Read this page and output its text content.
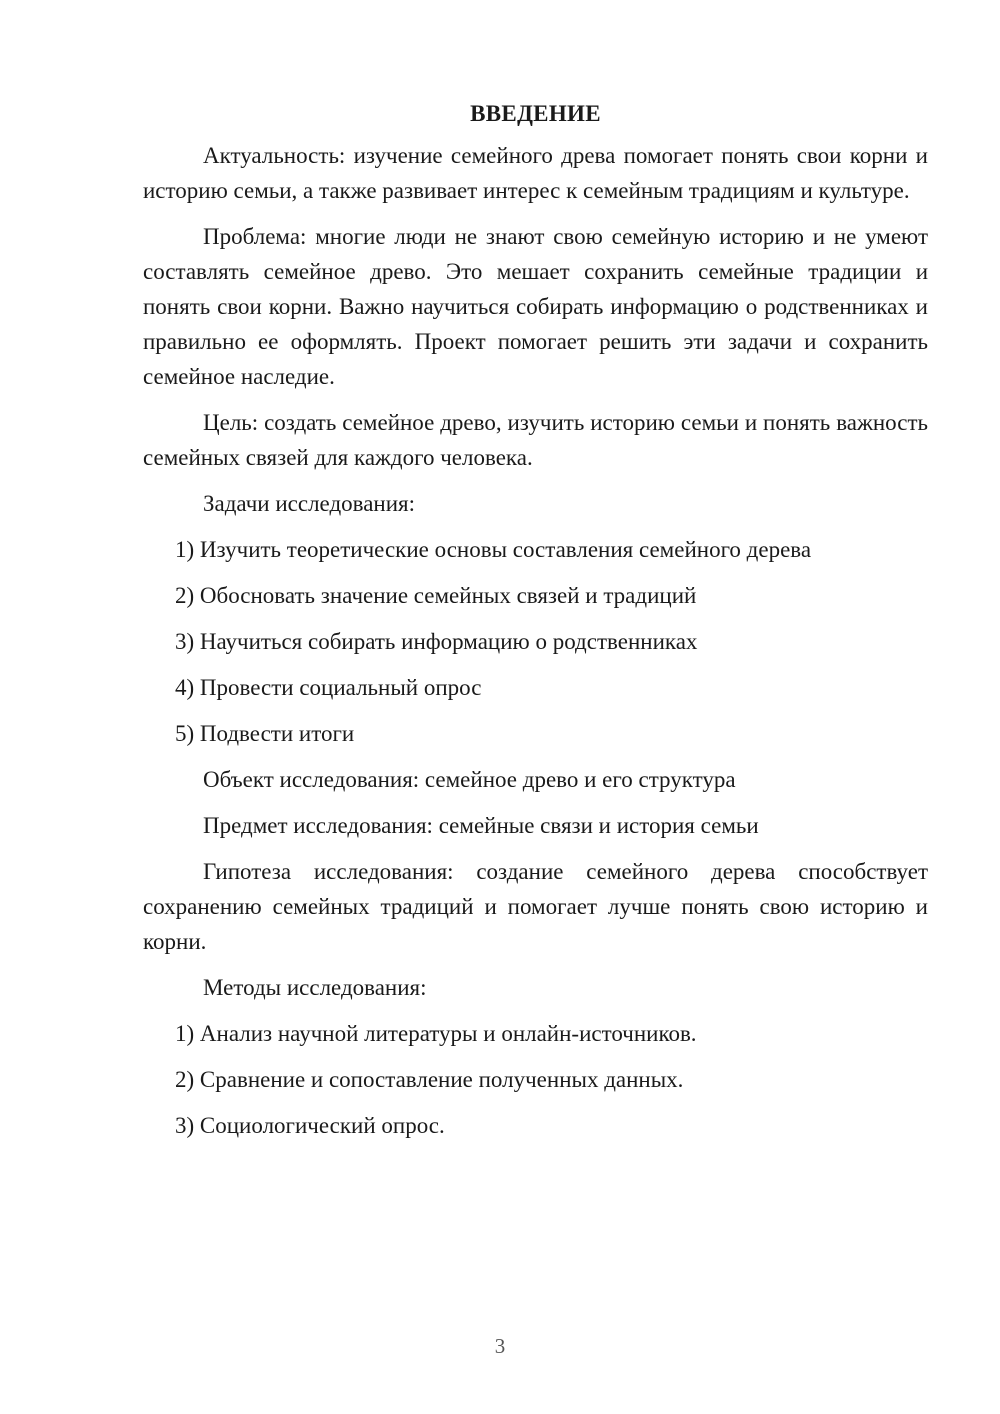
ВВЕДЕНИЕ

Актуальность: изучение семейного древа помогает понять свои корни и историю семьи, а также развивает интерес к семейным традициям и культуре.

Проблема: многие люди не знают свою семейную историю и не умеют составлять семейное древо. Это мешает сохранить семейные традиции и понять свои корни. Важно научиться собирать информацию о родственниках и правильно ее оформлять. Проект помогает решить эти задачи и сохранить семейное наследие.

Цель: создать семейное древо, изучить историю семьи и понять важность семейных связей для каждого человека.

Задачи исследования:

1) Изучить теоретические основы составления семейного дерева

2) Обосновать значение семейных связей и традиций

3) Научиться собирать информацию о родственниках

4) Провести социальный опрос

5) Подвести итоги

Объект исследования: семейное древо и его структура

Предмет исследования: семейные связи и история семьи

Гипотеза исследования: создание семейного дерева способствует сохранению семейных традиций и помогает лучше понять свою историю и корни.

Методы исследования:

1) Анализ научной литературы и онлайн-источников.

2) Сравнение и сопоставление полученных данных.

3) Социологический опрос.

3
